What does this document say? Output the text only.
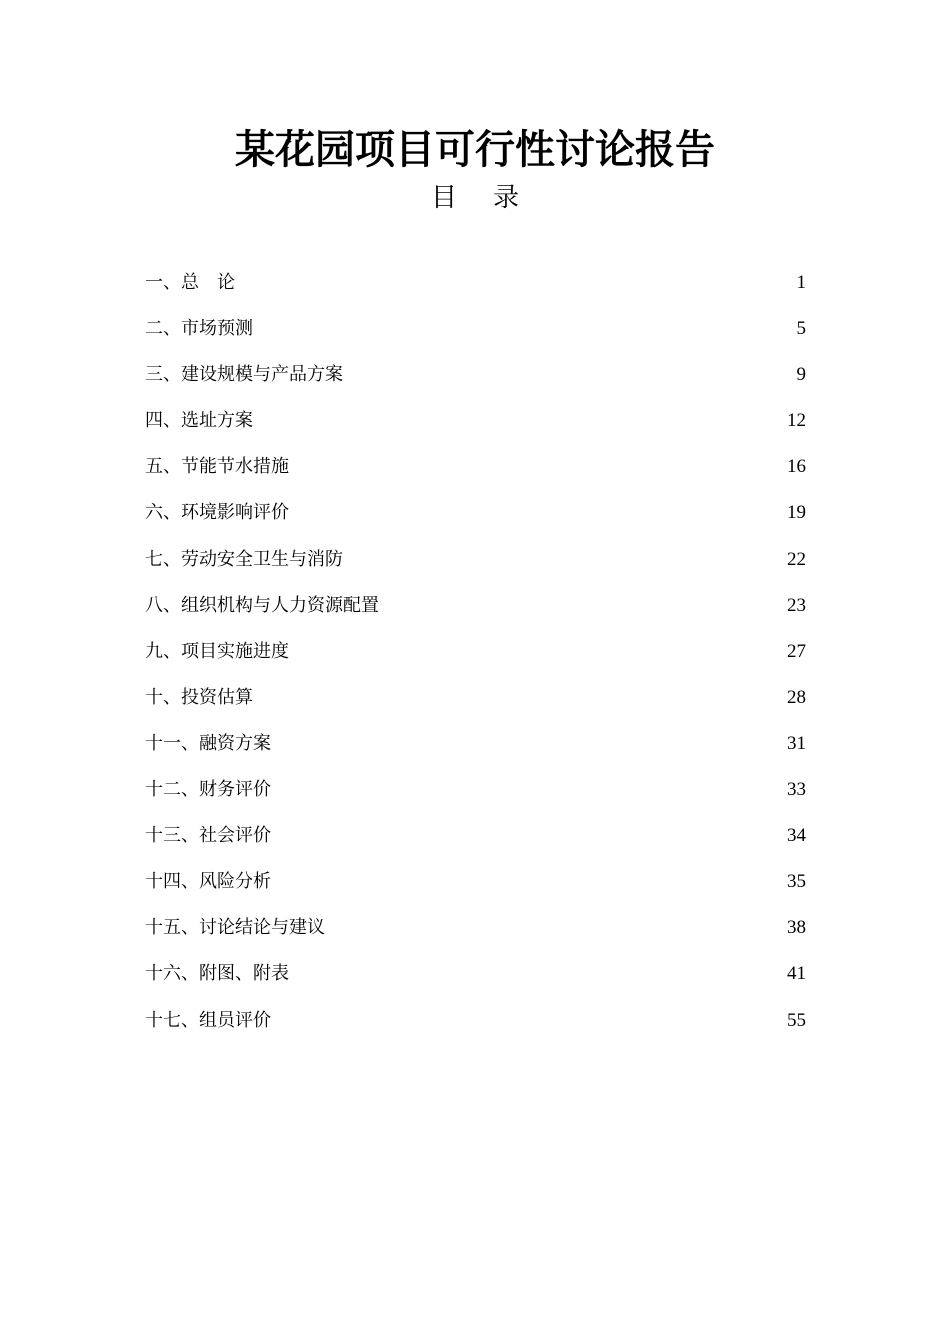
某花园项目可行性讨论报告
目 录
一、总　论	1
二、市场预测	5
三、建设规模与产品方案	9
四、选址方案	12
五、节能节水措施	16
六、环境影响评价	19
七、劳动安全卫生与消防	22
八、组织机构与人力资源配置	23
九、项目实施进度	27
十、投资估算	28
十一、融资方案	31
十二、财务评价	33
十三、社会评价	34
十四、风险分析	35
十五、讨论结论与建议	38
十六、附图、附表	41
十七、组员评价	55
